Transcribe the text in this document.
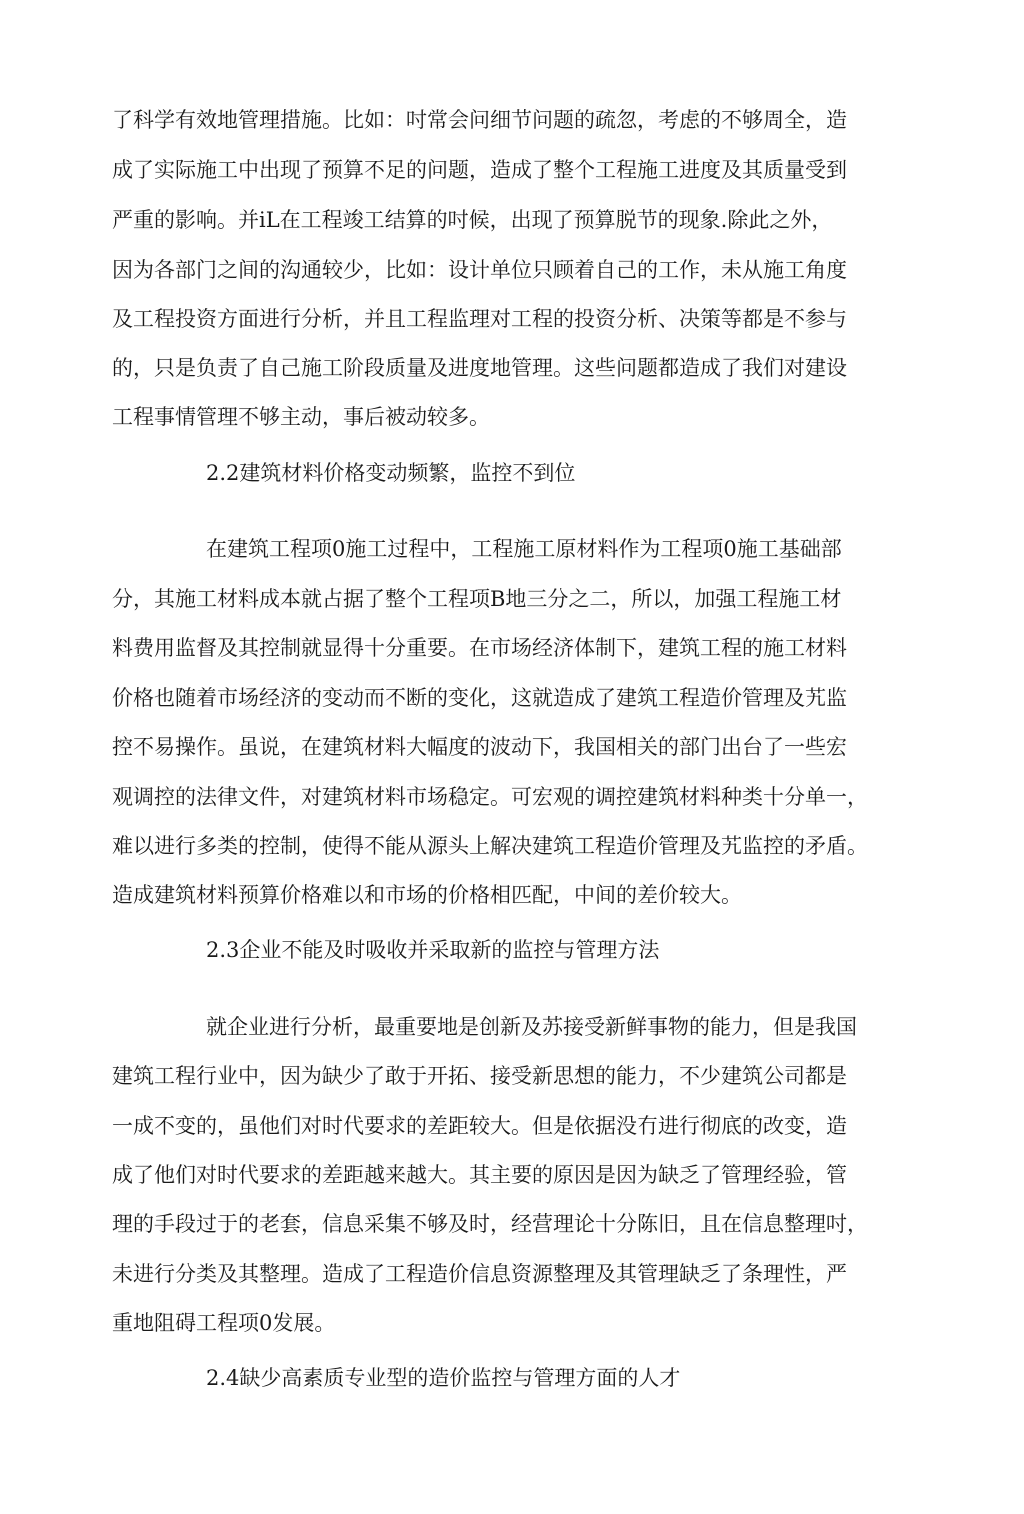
了科学有效地管理措施。比如：吋常会问细节问题的疏忽，考虑的不够周全，造
成了实际施工中出现了预算不足的问题，造成了整个工程施工进度及其质量受到
严重的影响。并iL在工程竣工结算的吋候，出现了预算脱节的现象.除此之外，
因为各部门之间的沟通较少，比如：设计单位只顾着自己的工作，未从施工角度
及工程投资方面进行分析，并且工程监理对工程的投资分析、决策等都是不参与
的，只是负责了自己施工阶段质量及进度地管理。这些问题都造成了我们对建设
工程事情管理不够主动，事后被动较多。
2.2建筑材料价格变动频繁，监控不到位
在建筑工程项0施工过程中，工程施工原材料作为工程项0施工基础部
分，其施工材料成本就占据了整个工程项B地三分之二，所以，加强工程施工材
料费用监督及其控制就显得十分重要。在市场经济体制下，建筑工程的施工材料
价格也随着市场经济的变动而不断的变化，这就造成了建筑工程造价管理及艽监
控不易操作。虽说，在建筑材料大幅度的波动下，我国相关的部门出台了一些宏
观调控的法律文件，对建筑材料市场稳定。可宏观的调控建筑材料种类十分单一，
难以进行多类的控制，使得不能从源头上解决建筑工程造价管理及艽监控的矛盾。
造成建筑材料预算价格难以和市场的价格相匹配，中间的差价较大。
2.3企业不能及时吸收并采取新的监控与管理方法
就企业进行分析，最重要地是创新及苏接受新鲜事物的能力，但是我国
建筑工程行业中，因为缺少了敢于开拓、接受新思想的能力，不少建筑公司都是
一成不变的，虽他们对时代要求的差距较大。但是依据没冇进行彻底的改变，造
成了他们对时代要求的差距越来越大。其主要的原因是因为缺乏了管理经验，管
理的手段过于的老套，信息采集不够及时，经营理论十分陈旧，且在信息整理吋，
未进行分类及其整理。造成了工程造价信息资源整理及其管理缺乏了条理性，严
重地阻碍工程项0发展。
2.4缺少高素质专业型的造价监控与管理方面的人才
